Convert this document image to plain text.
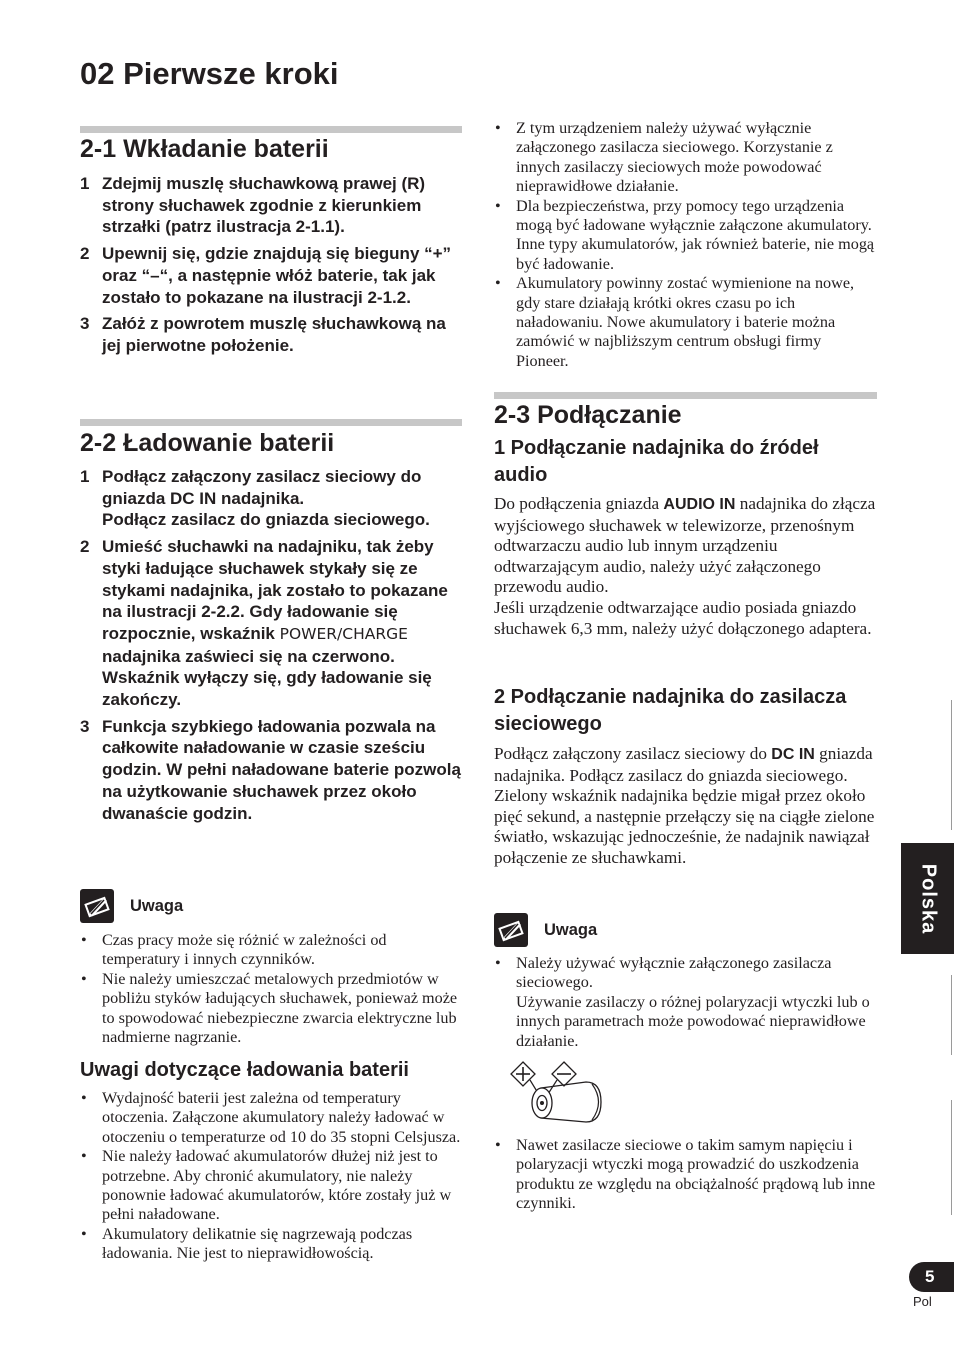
02 Pierwsze kroki
2-1 Wkładanie baterii
1 Zdejmij muszlę słuchawkową prawej (R) strony słuchawek zgodnie z kierunkiem strzałki (patrz ilustracja 2-1.1).
2 Upewnij się, gdzie znajdują się bieguny “+” oraz “–“, a następnie włóż baterie, tak jak zostało to pokazane na ilustracji 2-1.2.
3 Załóż z powrotem muszlę słuchawkową na jej pierwotne położenie.
2-2 Ładowanie baterii
1 Podłącz załączony zasilacz sieciowy do gniazda DC IN nadajnika.
Podłącz zasilacz do gniazda sieciowego.
2 Umieść słuchawki na nadajniku, tak żeby styki ładujące słuchawek stykały się ze stykami nadajnika, jak zostało to pokazane na ilustracji 2-2.2. Gdy ładowanie się rozpocznie, wskaźnik POWER/CHARGE nadajnika zaświeci się na czerwono. Wskaźnik wyłączy się, gdy ładowanie się zakończy.
3 Funkcja szybkiego ładowania pozwala na całkowite naładowanie w czasie sześciu godzin. W pełni naładowane baterie pozwolą na użytkowanie słuchawek przez około dwanaście godzin.
Uwaga
• Czas pracy może się różnić w zależności od temperatury i innych czynników.
• Nie należy umieszczać metalowych przedmiotów w pobliżu styków ładujących słuchawek, ponieważ może to spowodować niebezpieczne zwarcia elektryczne lub nadmierne nagrzanie.
Uwagi dotyczące ładowania baterii
• Wydajność baterii jest zależna od temperatury otoczenia. Załączone akumulatory należy ładować w otoczeniu o temperaturze od 10 do 35 stopni Celsjusza.
• Nie należy ładować akumulatorów dłużej niż jest to potrzebne. Aby chronić akumulatory, nie należy ponownie ładować akumulatorów, które zostały już w pełni naładowane.
• Akumulatory delikatnie się nagrzewają podczas ładowania. Nie jest to nieprawidłowością.
• Z tym urządzeniem należy używać wyłącznie załączonego zasilacza sieciowego. Korzystanie z innych zasilaczy sieciowych może powodować nieprawidłowe działanie.
• Dla bezpieczeństwa, przy pomocy tego urządzenia mogą być ładowane wyłącznie załączone akumulatory. Inne typy akumulatorów, jak również baterie, nie mogą być ładowanie.
• Akumulatory powinny zostać wymienione na nowe, gdy stare działają krótki okres czasu po ich naładowaniu. Nowe akumulatory i baterie można zamówić w najbliższym centrum obsługi firmy Pioneer.
2-3 Podłączanie
1 Podłączanie nadajnika do źródeł audio

Do podłączenia gniazda AUDIO IN nadajnika do złącza wyjściowego słuchawek w telewizorze, przenośnym odtwarzaczu audio lub innym urządzeniu odtwarzającym audio, należy użyć załączonego przewodu audio.
Jeśli urządzenie odtwarzające audio posiada gniazdo słuchawek 6,3 mm, należy użyć dołączonego adaptera.

2 Podłączanie nadajnika do zasilacza sieciowego

Podłącz załączony zasilacz sieciowy do DC IN gniazda nadajnika. Podłącz zasilacz do gniazda sieciowego.
Zielony wskaźnik nadajnika będzie migał przez około pięć sekund, a następnie przełączy się na ciągłe zielone światło, wskazując jednocześnie, że nadajnik nawiązał połączenie ze słuchawkami.

Uwaga
• Należy używać wyłącznie załączonego zasilacza sieciowego.
Używanie zasilaczy o różnej polaryzacji wtyczki lub o innych parametrach może powodować nieprawidłowe działanie.
• Nawet zasilacze sieciowe o takim samym napięciu i polaryzacji wtyczki mogą prowadzić do uszkodzenia produktu ze względu na obciążalność prądową lub inne czynniki.
Polska
5
Pol
